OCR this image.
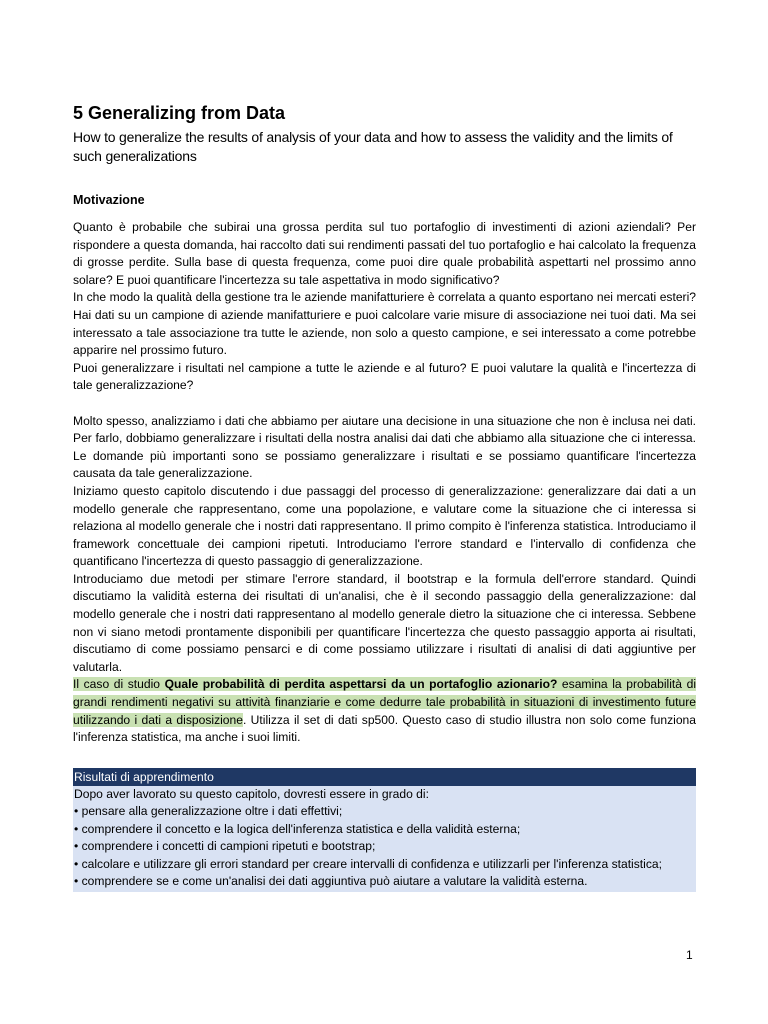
5 Generalizing from Data
How to generalize the results of analysis of your data and how to assess the validity and the limits of such generalizations
Motivazione

Quanto è probabile che subirai una grossa perdita sul tuo portafoglio di investimenti di azioni aziendali? Per rispondere a questa domanda, hai raccolto dati sui rendimenti passati del tuo portafoglio e hai calcolato la frequenza di grosse perdite. Sulla base di questa frequenza, come puoi dire quale probabilità aspettarti nel prossimo anno solare? E puoi quantificare l'incertezza su tale aspettativa in modo significativo?

In che modo la qualità della gestione tra le aziende manifatturiere è correlata a quanto esportano nei mercati esteri? Hai dati su un campione di aziende manifatturiere e puoi calcolare varie misure di associazione nei tuoi dati. Ma sei interessato a tale associazione tra tutte le aziende, non solo a questo campione, e sei interessato a come potrebbe apparire nel prossimo futuro.

Puoi generalizzare i risultati nel campione a tutte le aziende e al futuro? E puoi valutare la qualità e l'incertezza di tale generalizzazione?

Molto spesso, analizziamo i dati che abbiamo per aiutare una decisione in una situazione che non è inclusa nei dati. Per farlo, dobbiamo generalizzare i risultati della nostra analisi dai dati che abbiamo alla situazione che ci interessa. Le domande più importanti sono se possiamo generalizzare i risultati e se possiamo quantificare l'incertezza causata da tale generalizzazione.

Iniziamo questo capitolo discutendo i due passaggi del processo di generalizzazione: generalizzare dai dati a un modello generale che rappresentano, come una popolazione, e valutare come la situazione che ci interessa si relaziona al modello generale che i nostri dati rappresentano. Il primo compito è l'inferenza statistica. Introduciamo il framework concettuale dei campioni ripetuti. Introduciamo l'errore standard e l'intervallo di confidenza che quantificano l'incertezza di questo passaggio di generalizzazione.

Introduciamo due metodi per stimare l'errore standard, il bootstrap e la formula dell'errore standard. Quindi discutiamo la validità esterna dei risultati di un'analisi, che è il secondo passaggio della generalizzazione: dal modello generale che i nostri dati rappresentano al modello generale dietro la situazione che ci interessa. Sebbene non vi siano metodi prontamente disponibili per quantificare l'incertezza che questo passaggio apporta ai risultati, discutiamo di come possiamo pensarci e di come possiamo utilizzare i risultati di analisi di dati aggiuntive per valutarla.

Il caso di studio Quale probabilità di perdita aspettarsi da un portafoglio azionario? esamina la probabilità di grandi rendimenti negativi su attività finanziarie e come dedurre tale probabilità in situazioni di investimento future utilizzando i dati a disposizione. Utilizza il set di dati sp500. Questo caso di studio illustra non solo come funziona l'inferenza statistica, ma anche i suoi limiti.

Risultati di apprendimento

Dopo aver lavorato su questo capitolo, dovresti essere in grado di:

• pensare alla generalizzazione oltre i dati effettivi;
• comprendere il concetto e la logica dell'inferenza statistica e della validità esterna;
• comprendere i concetti di campioni ripetuti e bootstrap;
• calcolare e utilizzare gli errori standard per creare intervalli di confidenza e utilizzarli per l'inferenza statistica;
• comprendere se e come un'analisi dei dati aggiuntiva può aiutare a valutare la validità esterna.
1
